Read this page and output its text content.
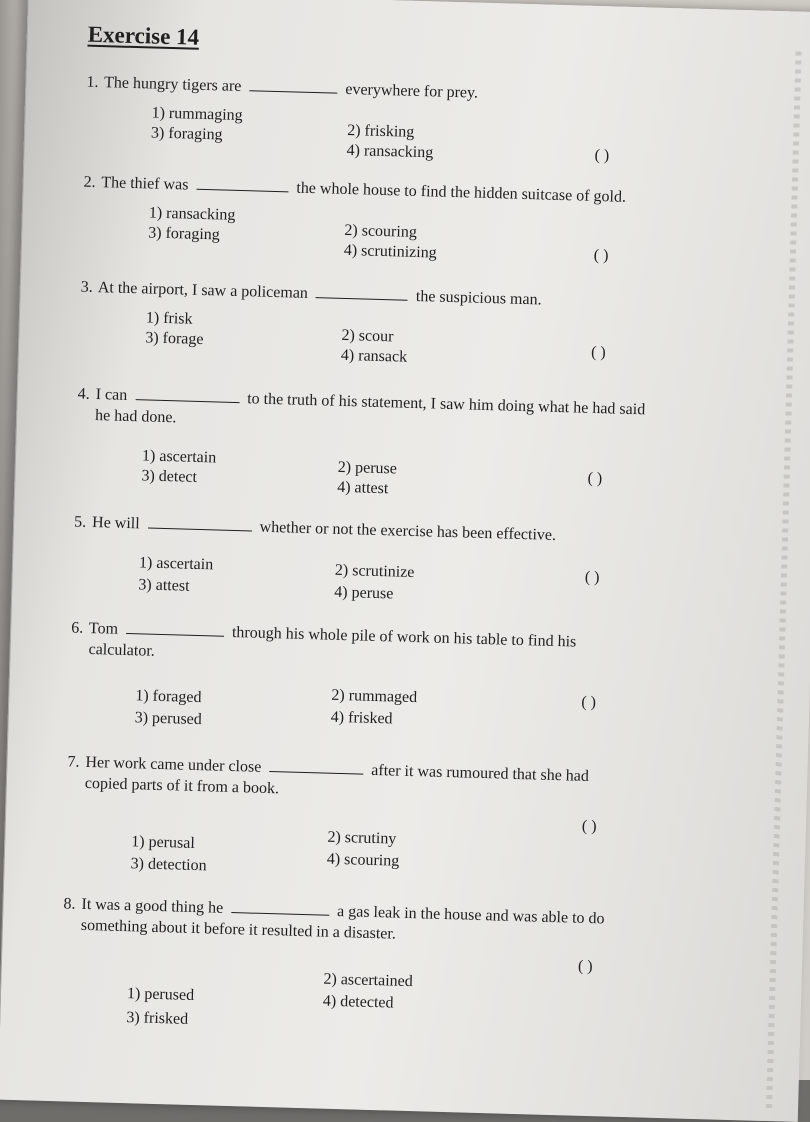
Exercise 14
1. The hungry tigers are	everywhere for prey.
1) rummaging
2) frisking
3) foraging
4) ransacking	( )
2. The thief was	the whole house to find the hidden suitcase of gold.
1) ransacking
2) scouring
3) foraging
4) scrutinizing	( )
3. At the airport, I saw a policeman	the suspicious man.
1) frisk
2) scour
3) forage
4) ransack	( )
4. I can	to the truth of his statement, I saw him doing what he had said
he had done.
1) ascertain
2) peruse
3) detect
4) attest
( )
5. He will	whether or not the exercise has been effective.
1) ascertain	2) scrutinize
3) attest	4) peruse
( )
6. Tom	through his whole pile of work on his table to find his
calculator.
1) foraged	2) rummaged
3) perused	4) frisked
( )
7. Her work came under close	after it was rumoured that she had
copied parts of it from a book.
1) perusal	2) scrutiny
3) detection	4) scouring
( )
8. It was a good thing he	a gas leak in the house and was able to do
something about it before it resulted in a disaster.
1) perused
2) ascertained
3) frisked
4) detected
( )
